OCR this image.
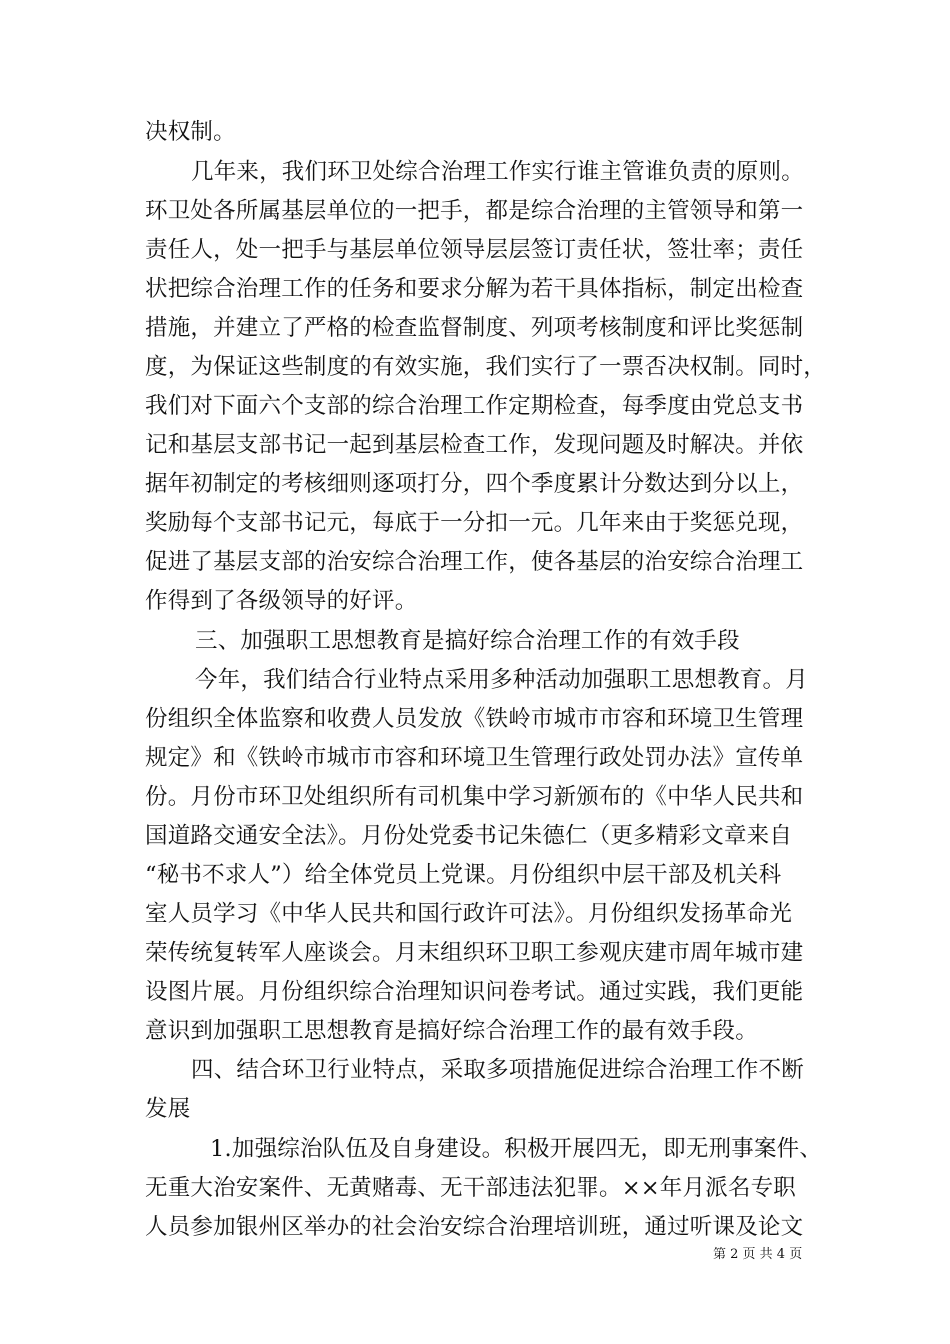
决权制。
几年来，我们环卫处综合治理工作实行谁主管谁负责的原则。
环卫处各所属基层单位的一把手，都是综合治理的主管领导和第一
责任人，处一把手与基层单位领导层层签订责任状，签壮率；责任
状把综合治理工作的任务和要求分解为若干具体指标，制定出检查
措施，并建立了严格的检查监督制度、列项考核制度和评比奖惩制
度，为保证这些制度的有效实施，我们实行了一票否决权制。同时，
我们对下面六个支部的综合治理工作定期检查，每季度由党总支书
记和基层支部书记一起到基层检查工作，发现问题及时解决。并依
据年初制定的考核细则逐项打分，四个季度累计分数达到分以上，
奖励每个支部书记元，每底于一分扣一元。几年来由于奖惩兑现，
促进了基层支部的治安综合治理工作，使各基层的治安综合治理工
作得到了各级领导的好评。
三、加强职工思想教育是搞好综合治理工作的有效手段
今年，我们结合行业特点采用多种活动加强职工思想教育。月
份组织全体监察和收费人员发放《铁岭市城市市容和环境卫生管理
规定》和《铁岭市城市市容和环境卫生管理行政处罚办法》宣传单
份。月份市环卫处组织所有司机集中学习新颁布的《中华人民共和
国道路交通安全法》。月份处党委书记朱德仁（更多精彩文章来自
“秘书不求人”）给全体党员上党课。月份组织中层干部及机关科
室人员学习《中华人民共和国行政许可法》。月份组织发扬革命光
荣传统复转军人座谈会。月末组织环卫职工参观庆建市周年城市建
设图片展。月份组织综合治理知识问卷考试。通过实践，我们更能
意识到加强职工思想教育是搞好综合治理工作的最有效手段。
四、结合环卫行业特点，采取多项措施促进综合治理工作不断
发展
1.加强综治队伍及自身建设。积极开展四无，即无刑事案件、
无重大治安案件、无黄赌毒、无干部违法犯罪。××年月派名专职
人员参加银州区举办的社会治安综合治理培训班，通过听课及论文
第 2 页 共 4 页
